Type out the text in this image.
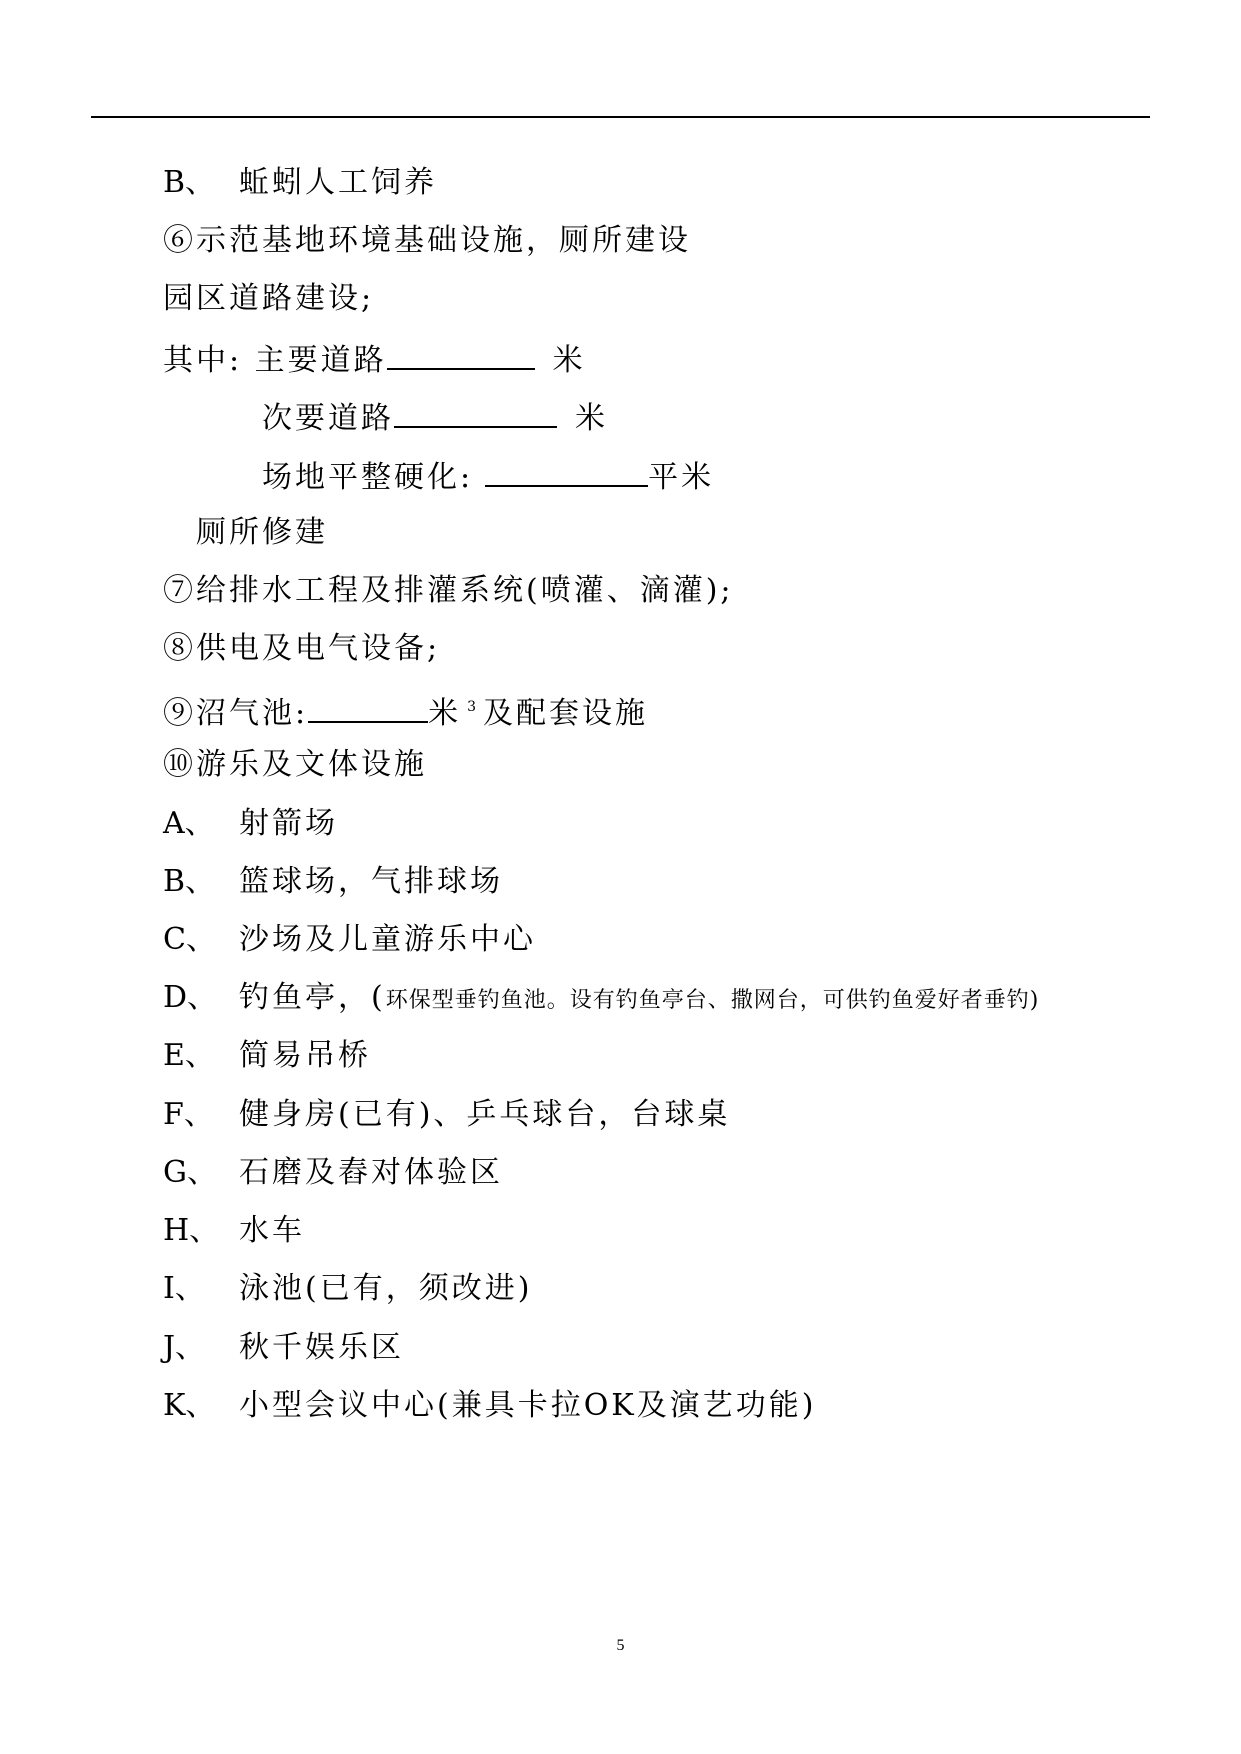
B、 蚯蚓人工饲养
⑥示范基地环境基础设施，厕所建设
园区道路建设;
其中: 主要道路	米
次要道路	米
场地平整硬化:	平米
厕所修建
⑦给排水工程及排灌系统(喷灌、滴灌);
⑧供电及电气设备;
⑨沼气池:	米 $^3$ 及配套设施
⑩游乐及文体设施
A、 射箭场
B、 篮球场，气排球场
C、 沙场及儿童游乐中心
D、 钓鱼亭，(环保型垂钓鱼池。设有钓鱼亭台、撒网台，可供钓鱼爱好者垂钓)
E、 简易吊桥
F、 健身房(已有)、乒乓球台，台球桌
G、 石磨及舂对体验区
H、 水车
I、 泳池(已有，须改进)
J、 秋千娱乐区
K、 小型会议中心(兼具卡拉OK及演艺功能)
5
